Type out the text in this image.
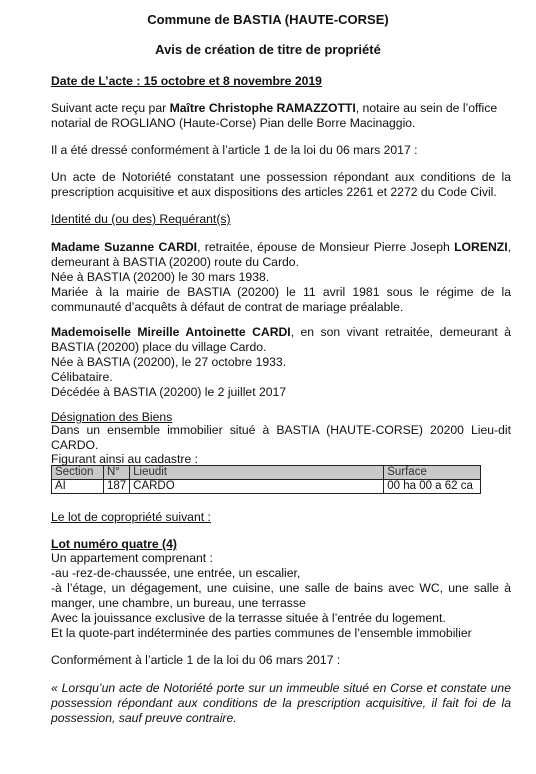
Commune de BASTIA (HAUTE-CORSE)
Avis de création de titre de propriété
Date de L’acte : 15 octobre et 8 novembre 2019
Suivant acte reçu par Maître Christophe RAMAZZOTTI, notaire au sein de l’office
notarial de ROGLIANO (Haute-Corse) Pian delle Borre Macinaggio.
Il a été dressé conformément à l’article 1 de la loi du 06 mars 2017 :
Un acte de Notoriété constatant une possession répondant aux conditions de la
prescription acquisitive et aux dispositions des articles 2261 et 2272 du Code Civil.
Identité du (ou des) Requérant(s)
Madame Suzanne CARDI, retraitée, épouse de Monsieur Pierre Joseph LORENZI,
demeurant à BASTIA (20200) route du Cardo.
Née à BASTIA (20200) le 30 mars 1938.
Mariée à la mairie de BASTIA (20200) le 11 avril 1981 sous le régime de la
communauté d’acquêts à défaut de contrat de mariage préalable.
Mademoiselle Mireille Antoinette CARDI, en son vivant retraitée, demeurant à
BASTIA (20200) place du village Cardo.
Née à BASTIA (20200), le 27 octobre 1933.
Célibataire.
Décédée à BASTIA (20200) le 2 juillet 2017
Désignation des Biens
Dans un ensemble immobilier situé à BASTIA (HAUTE-CORSE) 20200 Lieu-dit
CARDO.
Figurant ainsi au cadastre :
Section	N°	Lieudit	Surface
AI	187	CARDO	00 ha 00 a 62 ca
Le lot de copropriété suivant :
Lot numéro quatre (4)
Un appartement comprenant :
-au -rez-de-chaussée, une entrée, un escalier,
-à l’étage, un dégagement, une cuisine, une salle de bains avec WC, une salle à
manger, une chambre, un bureau, une terrasse
Avec la jouissance exclusive de la terrasse située à l’entrée du logement.
Et la quote-part indéterminée des parties communes de l’ensemble immobilier
Conformément à l’article 1 de la loi du 06 mars 2017 :
« Lorsqu’un acte de Notoriété porte sur un immeuble situé en Corse et constate une
possession répondant aux conditions de la prescription acquisitive, il fait foi de la
possession, sauf preuve contraire.
